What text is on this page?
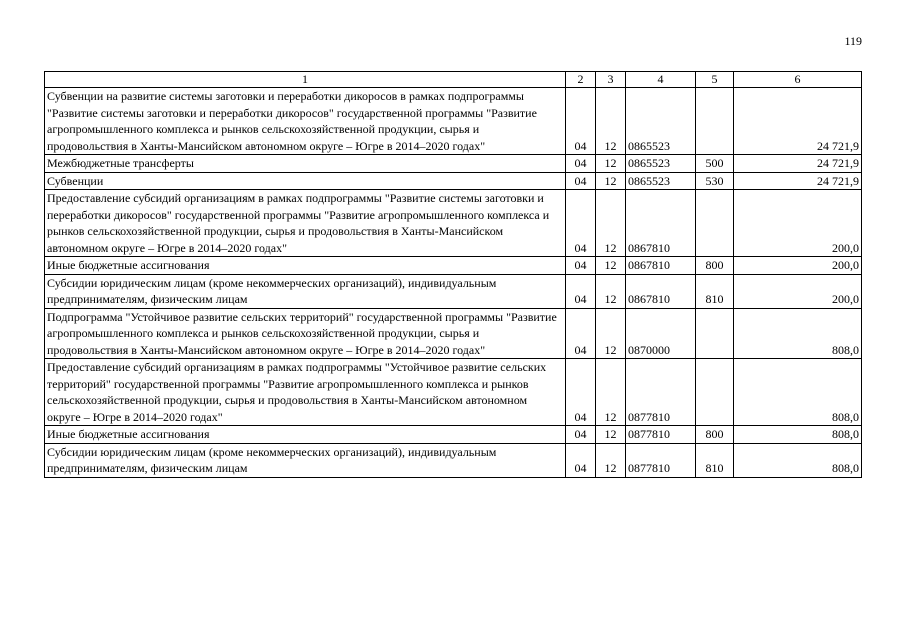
119
1	2	3	4	5	6
Субвенции на развитие системы заготовки и переработки дикоросов в рамках подпрограммы "Развитие системы заготовки и переработки дикоросов" государственной программы "Развитие агропромышленного комплекса и рынков сельскохозяйственной продукции, сырья и продовольствия в Ханты-Мансийском автономном округе – Югре в 2014–2020 годах"	04	12	0865523		24 721,9
Межбюджетные трансферты	04	12	0865523	500	24 721,9
Субвенции	04	12	0865523	530	24 721,9
Предоставление субсидий организациям в рамках подпрограммы "Развитие системы заготовки и переработки дикоросов" государственной программы "Развитие агропромышленного комплекса и рынков сельскохозяйственной продукции, сырья и продовольствия в Ханты-Мансийском автономном округе – Югре в 2014–2020 годах"	04	12	0867810		200,0
Иные бюджетные ассигнования	04	12	0867810	800	200,0
Субсидии юридическим лицам (кроме некоммерческих организаций), индивидуальным предпринимателям, физическим лицам	04	12	0867810	810	200,0
Подпрограмма "Устойчивое развитие сельских территорий" государственной программы "Развитие агропромышленного комплекса и рынков сельскохозяйственной продукции, сырья и продовольствия в Ханты-Мансийском автономном округе – Югре в 2014–2020 годах"	04	12	0870000		808,0
Предоставление субсидий организациям в рамках подпрограммы "Устойчивое развитие сельских территорий" государственной программы "Развитие агропромышленного комплекса и рынков сельскохозяйственной продукции, сырья и продовольствия в Ханты-Мансийском автономном округе – Югре в 2014–2020 годах"	04	12	0877810		808,0
Иные бюджетные ассигнования	04	12	0877810	800	808,0
Субсидии юридическим лицам (кроме некоммерческих организаций), индивидуальным предпринимателям, физическим лицам	04	12	0877810	810	808,0
